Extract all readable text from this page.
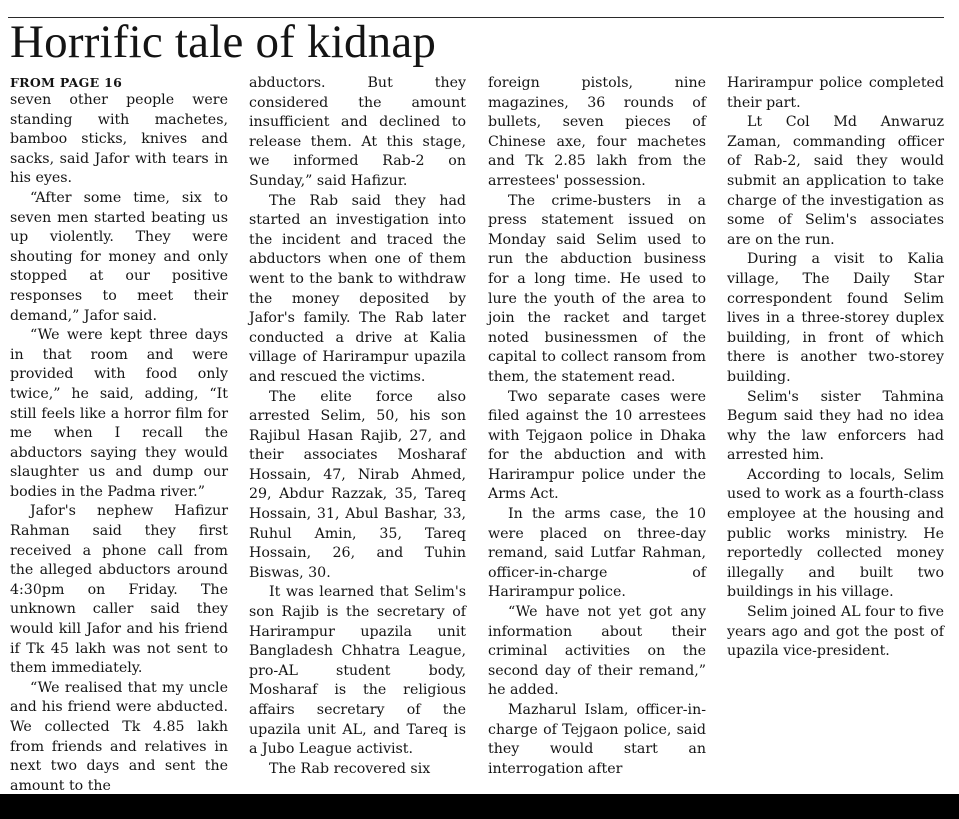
Horrific tale of kidnap
FROM PAGE 16

seven other people were standing with machetes, bamboo sticks, knives and sacks, said Jafor with tears in his eyes.

“After some time, six to seven men started beating us up violently. They were shouting for money and only stopped at our positive responses to meet their demand,” Jafor said.

“We were kept three days in that room and were provided with food only twice,” he said, adding, “It still feels like a horror film for me when I recall the abductors saying they would slaughter us and dump our bodies in the Padma river.”

Jafor's nephew Hafizur Rahman said they first received a phone call from the alleged abductors around 4:30pm on Friday. The unknown caller said they would kill Jafor and his friend if Tk 45 lakh was not sent to them immediately.

“We realised that my uncle and his friend were abducted. We collected Tk 4.85 lakh from friends and relatives in next two days and sent the amount to the

abductors. But they considered the amount insufficient and declined to release them. At this stage, we informed Rab-2 on Sunday,” said Hafizur.

The Rab said they had started an investigation into the incident and traced the abductors when one of them went to the bank to withdraw the money deposited by Jafor's family. The Rab later conducted a drive at Kalia village of Harirampur upazila and rescued the victims.

The elite force also arrested Selim, 50, his son Rajibul Hasan Rajib, 27, and their associates Mosharaf Hossain, 47, Nirab Ahmed, 29, Abdur Razzak, 35, Tareq Hossain, 31, Abul Bashar, 33, Ruhul Amin, 35, Tareq Hossain, 26, and Tuhin Biswas, 30.

It was learned that Selim's son Rajib is the secretary of Harirampur upazila unit Bangladesh Chhatra League, pro-AL student body, Mosharaf is the religious affairs secretary of the upazila unit AL, and Tareq is a Jubo League activist.

The Rab recovered six

foreign pistols, nine magazines, 36 rounds of bullets, seven pieces of Chinese axe, four machetes and Tk 2.85 lakh from the arrestees' possession.

The crime-busters in a press statement issued on Monday said Selim used to run the abduction business for a long time. He used to lure the youth of the area to join the racket and target noted businessmen of the capital to collect ransom from them, the statement read.

Two separate cases were filed against the 10 arrestees with Tejgaon police in Dhaka for the abduction and with Harirampur police under the Arms Act.

In the arms case, the 10 were placed on three-day remand, said Lutfar Rahman, officer-in-charge of Harirampur police.

“We have not yet got any information about their criminal activities on the second day of their remand,” he added.

Mazharul Islam, officer-in-charge of Tejgaon police, said they would start an interrogation after

Harirampur police completed their part.

Lt Col Md Anwaruz Zaman, commanding officer of Rab-2, said they would submit an application to take charge of the investigation as some of Selim's associates are on the run.

During a visit to Kalia village, The Daily Star correspondent found Selim lives in a three-storey duplex building, in front of which there is another two-storey building.

Selim's sister Tahmina Begum said they had no idea why the law enforcers had arrested him.

According to locals, Selim used to work as a fourth-class employee at the housing and public works ministry. He reportedly collected money illegally and built two buildings in his village.

Selim joined AL four to five years ago and got the post of upazila vice-president.
